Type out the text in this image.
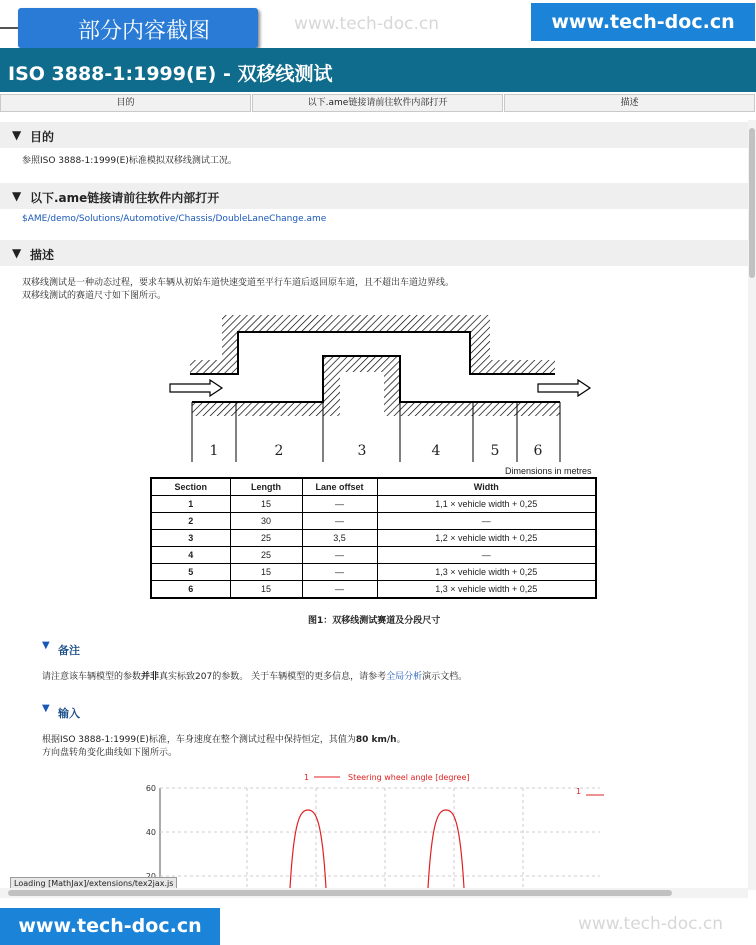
部分内容截图	www.tech-doc.cn	www.tech-doc.cn
ISO 3888-1:1999(E) - 双移线测试
目的	以下.ame链接请前往软件内部打开	描述
▼ 目的
参照ISO 3888-1:1999(E)标准模拟双移线测试工况。
▼ 以下.ame链接请前往软件内部打开
$AME/demo/Solutions/Automotive/Chassis/DoubleLaneChange.ame
▼ 描述
双移线测试是一种动态过程，要求车辆从初始车道快速变道至平行车道后返回原车道，且不超出车道边界线。
双移线测试的赛道尺寸如下图所示。
1	2	3	4	5 6
Dimensions in metres
Section	Length	Lane offset	Width
1	15	—	1,1 × vehicle width + 0,25
2	30	—	—
3	25	3,5	1,2 × vehicle width + 0,25
4	25	—	—
5	15	—	1,3 × vehicle width + 0,25
6	15	—	1,3 × vehicle width + 0,25
图1：双移线测试赛道及分段尺寸
▼ 备注
请注意该车辆模型的参数并非真实标致207的参数。 关于车辆模型的更多信息，请参考全局分析演示文档。
▼ 输入
根据ISO 3888-1:1999(E)标准，车身速度在整个测试过程中保持恒定，其值为80 km/h。
方向盘转角变化曲线如下图所示。
1	Steering wheel angle [degree]
1
40
60
Loading [MathJax]/extensions/tex2jax.js
www.tech-doc.cn	www.tech-doc.cn
